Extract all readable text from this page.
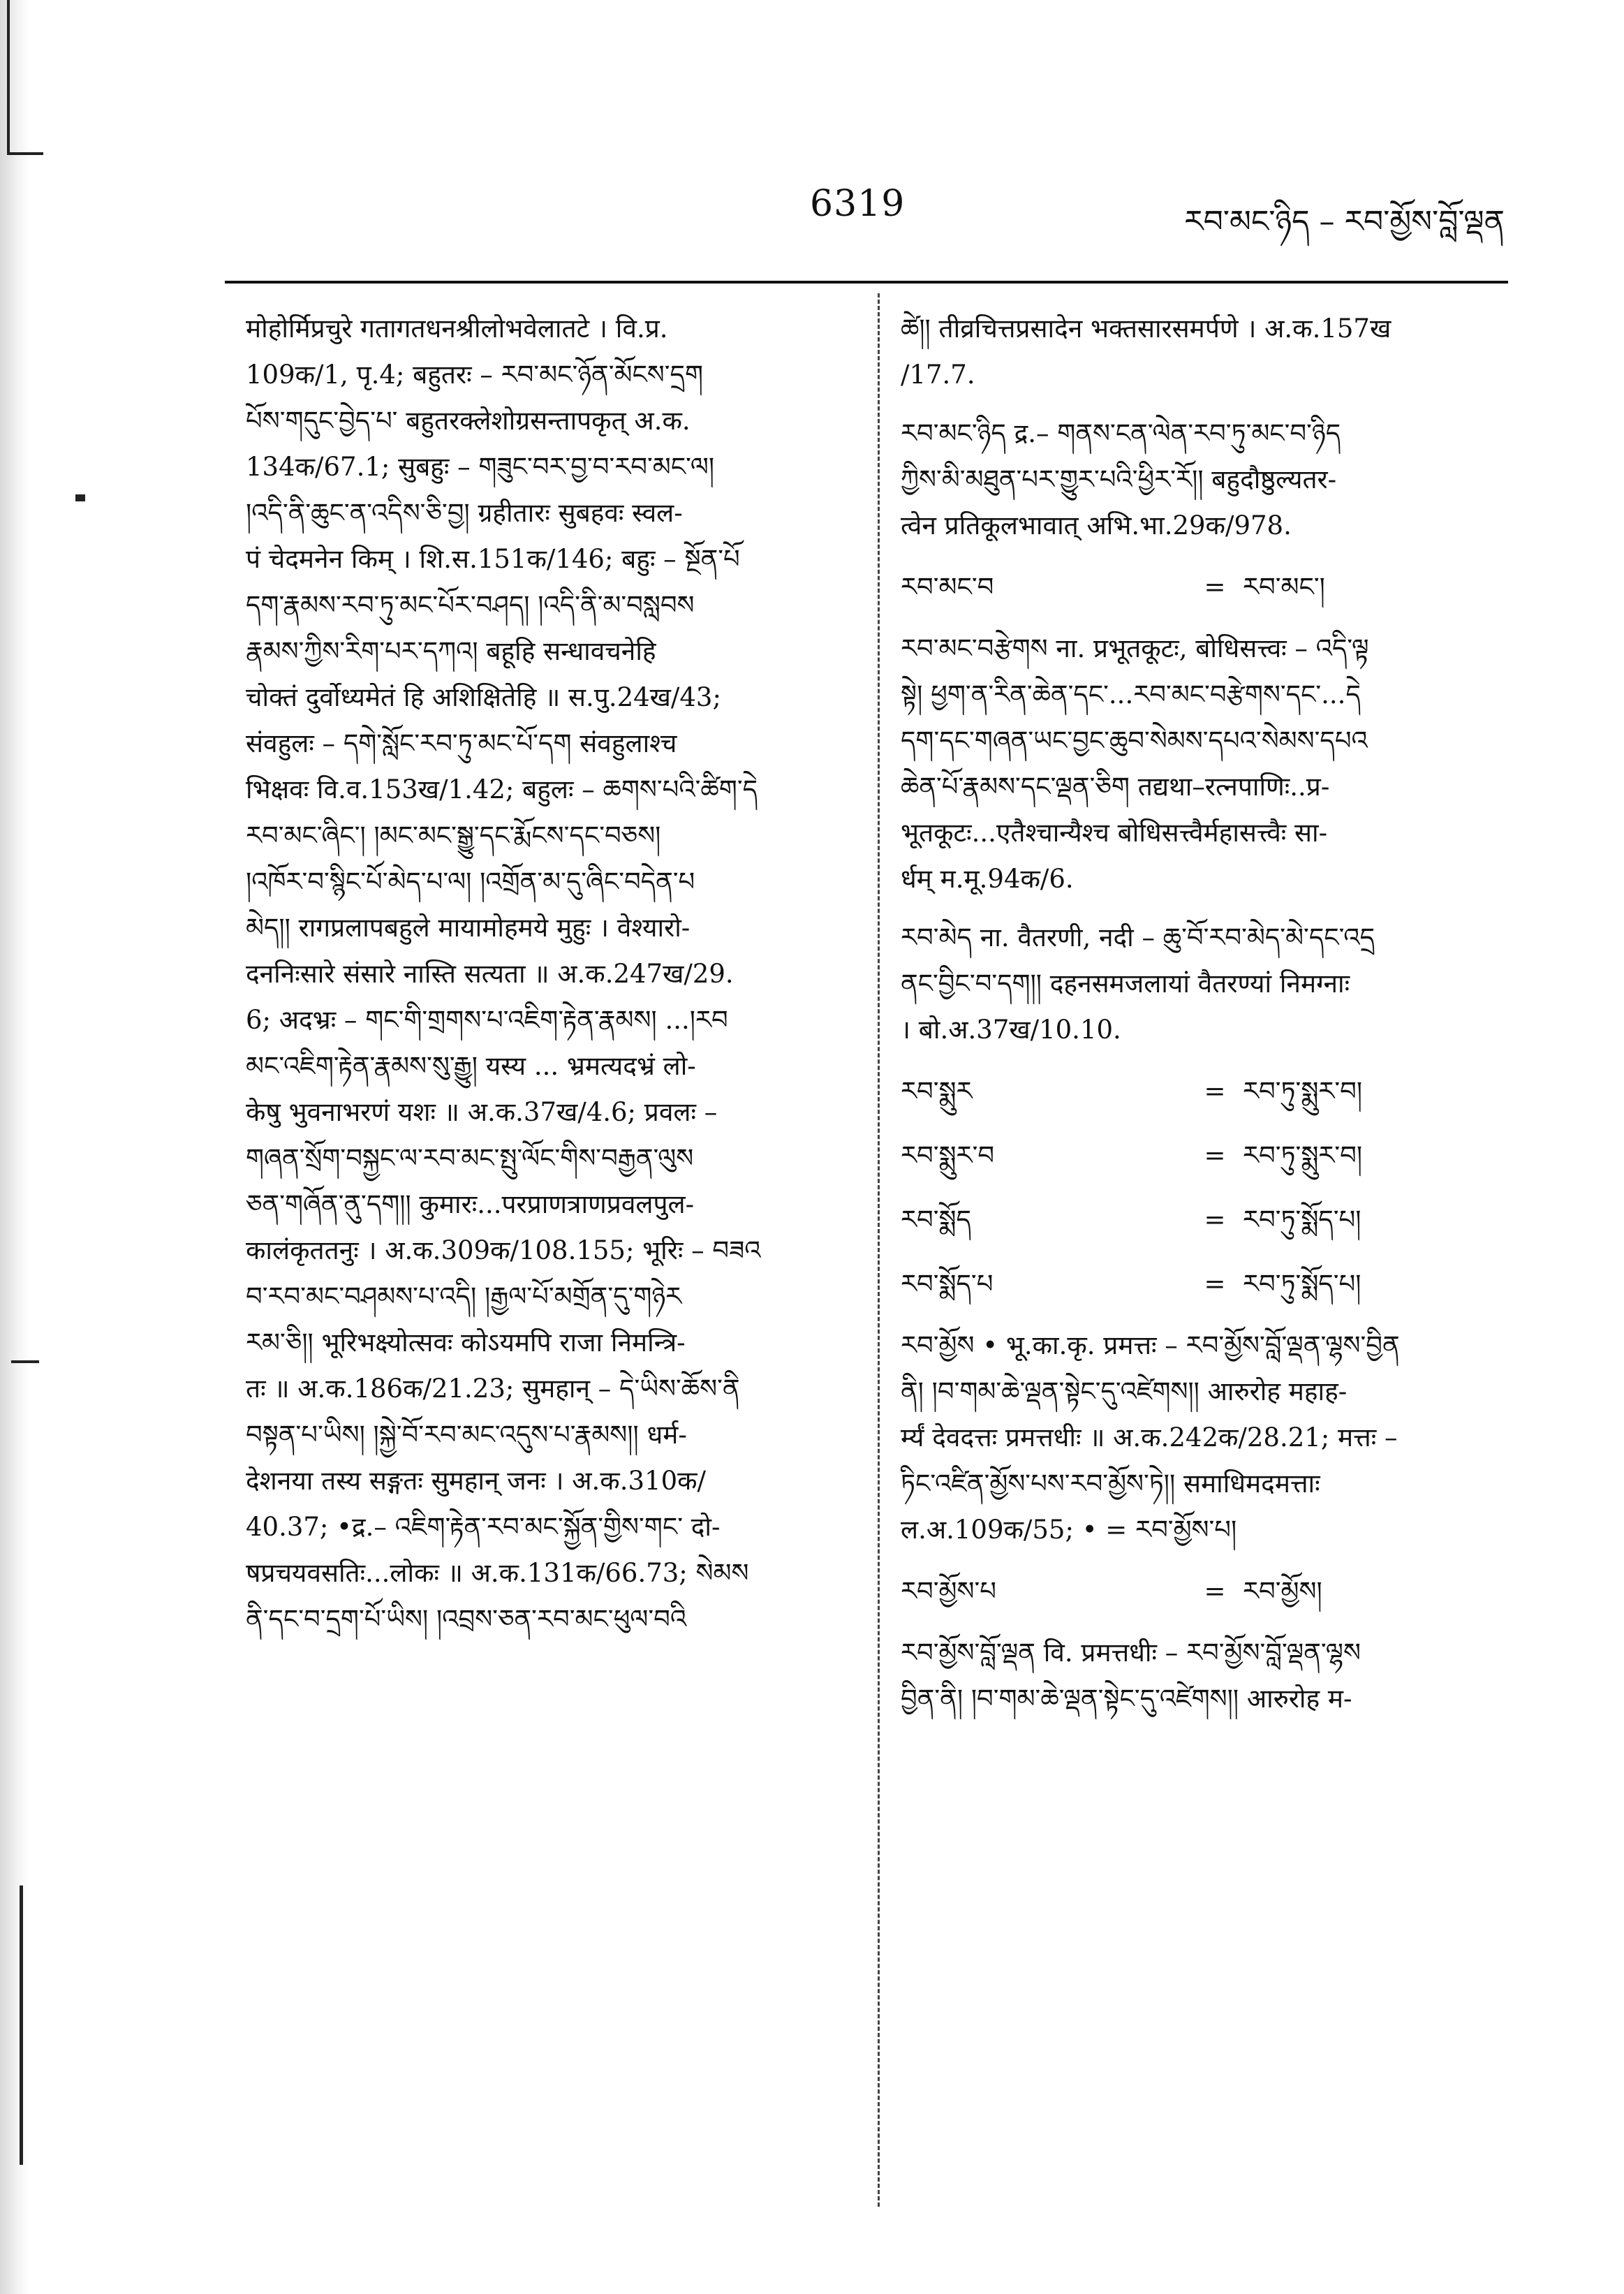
6319	རབ་མང་ཉིད – རབ་མྱོས་བློ་ལྡན
मोहोर्मिप्रचुरे गतागतधनश्रीलोभवेलातटे । वि.प्र.
109क/1, पृ.4; बहुतरः – རབ་མང་ཉོན་མོངས་དྲག
པོས་གདུང་བྱེད་པ་ बहुतरक्लेशोग्रसन्तापकृत् अ.क.
134क/67.1; सुबहुः – གཟུང་བར་བྱ་བ་རབ་མང་ལ།
།འདི་ནི་ཆུང་ན་འདིས་ཅི་བྱ། ग्रहीतारः सुबहवः स्वल-
पं चेदमनेन किम् । शि.स.151क/146; बहुः – སྔོན་པོ
དག་རྣམས་རབ་ཏུ་མང་པོར་བཤད། །འདི་ནི་མ་བསླབས
རྣམས་ཀྱིས་རིག་པར་དཀའ། बहूहि सन्धावचनेहि
चोक्तं दुर्वोध्यमेतं हि अशिक्षितेहि ॥ स.पु.24ख/43;
संवहुलः – དགེ་སློང་རབ་ཏུ་མང་པོ་དག संवहुलाश्च
भिक्षवः वि.व.153ख/1.42; बहुलः – ཆགས་པའི་ཚིག་དེ
རབ་མང་ཞིང་། །མང་མང་སྒྱུ་དང་རྨོངས་དང་བཅས།
།འཁོར་བ་སྙིང་པོ་མེད་པ་ལ། །འགྲོན་མ་དུ་ཞིང་བདེན་པ
མེད།། रागप्रलापबहुले मायामोहमये मुहुः । वेश्यारो-
दननिःसारे संसारे नास्ति सत्यता ॥ अ.क.247ख/29.
6; अदभ्रः – གང་གི་གྲགས་པ་འཇིག་རྟེན་རྣམས། ...།རབ
མང་འཇིག་རྟེན་རྣམས་སུ་རྒྱུ། यस्य ... भ्रमत्यदभ्रं लो-
केषु भुवनाभरणं यशः ॥ अ.क.37ख/4.6; प्रवलः –
གཞན་སྲོག་བསྐྱང་ལ་རབ་མང་སྤུ་ལོང་གིས་བརྒྱན་ལུས
ཅན་གཞོན་ནུ་དག།། कुमारः...परप्राणत्राणप्रवलपुल-
कालंकृततनुः । अ.क.309क/108.155; भूरिः – བཟའ
བ་རབ་མང་བཤམས་པ་འདི། །རྒྱལ་པོ་མགྲོན་དུ་གཉེར
རམ་ཅི།། भूरिभक्ष्योत्सवः कोऽयमपि राजा निमन्त्रि-
तः ॥ अ.क.186क/21.23; सुमहान् – དེ་ཡིས་ཆོས་ནི
བསྟན་པ་ཡིས། །སྐྱེ་བོ་རབ་མང་འདུས་པ་རྣམས།། धर्म-
देशनया तस्य सङ्गतः सुमहान् जनः । अ.क.310क/
40.37; •द्र.– འཇིག་རྟེན་རབ་མང་སྐྱོན་གྱིས་གང་ दो-
षप्रचयवसतिः...लोकः ॥ अ.क.131क/66.73; སེམས
ནི་དང་བ་དྲག་པོ་ཡིས། །འབྲས་ཅན་རབ་མང་ཕུལ་བའི
ཚེ།། तीव्रचित्तप्रसादेन भक्तसारसमर्पणे । अ.क.157ख
/17.7.
རབ་མང་ཉིད द्र.– གནས་ངན་ལེན་རབ་ཏུ་མང་བ་ཉིད
ཀྱིས་མི་མཐུན་པར་གྱུར་པའི་ཕྱིར་རོ།། बहुदौष्ठुल्यतर-
त्वेन प्रतिकूलभावात् अभि.भा.29क/978.
རབ་མང་བ	= རབ་མང་།
རབ་མང་བརྩེགས ना. प्रभूतकूटः, बोधिसत्त्वः – འདི་ལྟ
སྟེ། ཕྱག་ན་རིན་ཆེན་དང་...རབ་མང་བརྩེགས་དང་...དེ
དག་དང་གཞན་ཡང་བྱང་ཆུབ་སེམས་དཔའ་སེམས་དཔའ
ཆེན་པོ་རྣམས་དང་ལྡན་ཅིག तद्यथा–रत्नपाणिः..प्र-
भूतकूटः...एतैश्चान्यैश्च बोधिसत्त्वैर्महासत्त्वैः सा-
र्धम् म.मू.94क/6.
རབ་མེད ना. वैतरणी, नदी – ཆུ་བོ་རབ་མེད་མེ་དང་འདྲ
ནང་བྱིང་བ་དག།། दहनसमजलायां वैतरण्यां निमग्नाः
। बो.अ.37ख/10.10.
རབ་སྨུར	= རབ་ཏུ་སྨུར་བ།
རབ་སྨུར་བ	= རབ་ཏུ་སྨུར་བ།
རབ་སྨོད	= རབ་ཏུ་སྨོད་པ།
རབ་སྨོད་པ	= རབ་ཏུ་སྨོད་པ།
རབ་མྱོས • भू.का.कृ. प्रमत्तः – རབ་མྱོས་བློ་ལྡན་ལྷས་བྱིན
ནི། །བ་གམ་ཆེ་ལྡན་སྟེང་དུ་འཛེགས།། आरुरोह महाह-
र्म्यं देवदत्तः प्रमत्तधीः ॥ अ.क.242क/28.21; मत्तः –
ཏིང་འཛིན་མྱོས་པས་རབ་མྱོས་ཏེ།། समाधिमदमत्ताः
ल.अ.109क/55; • = རབ་མྱོས་པ།
རབ་མྱོས་པ	= རབ་མྱོས།
རབ་མྱོས་བློ་ལྡན वि. प्रमत्तधीः – རབ་མྱོས་བློ་ལྡན་ལྷས
བྱིན་ནི། །བ་གམ་ཆེ་ལྡན་སྟེང་དུ་འཛེགས།། आरुरोह म-
